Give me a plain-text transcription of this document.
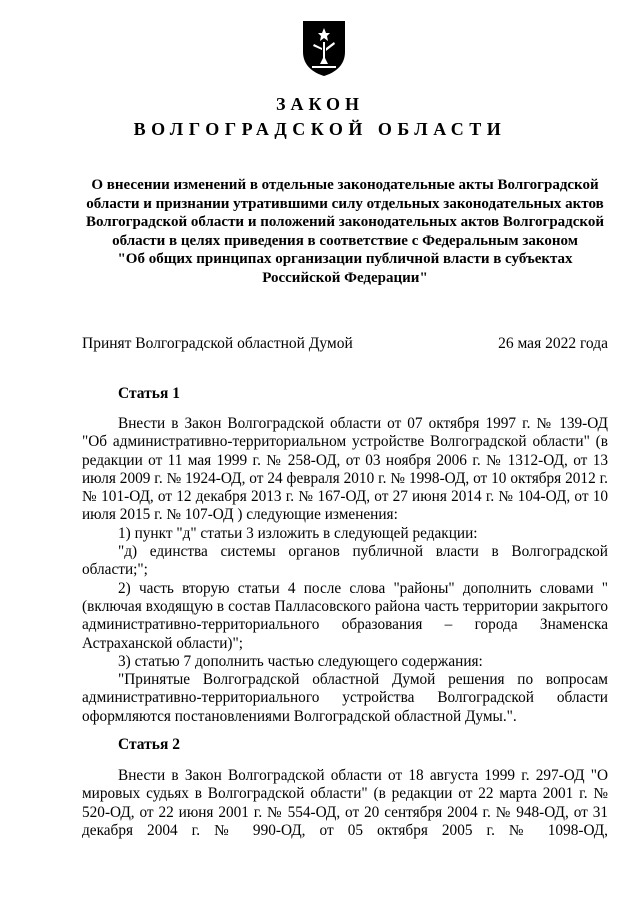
ЗАКОН
ВОЛГОГРАДСКОЙ ОБЛАСТИ
О внесении изменений в отдельные законодательные акты Волгоградской
области и признании утратившими силу отдельных законодательных актов
Волгоградской области и положений законодательных актов Волгоградской
области в целях приведения в соответствие с Федеральным законом
"Об общих принципах организации публичной власти в субъектах
Российской Федерации"
Принят Волгоградской областной Думой	26 мая 2022 года
Статья 1

Внести в Закон Волгоградской области от 07 октября 1997 г. № 139-ОД "Об административно-территориальном устройстве Волгоградской области" (в редакции от 11 мая 1999 г. № 258-ОД, от 03 ноября 2006 г. № 1312-ОД, от 13 июля 2009 г. № 1924-ОД, от 24 февраля 2010 г. № 1998-ОД, от 10 октября 2012 г. № 101-ОД, от 12 декабря 2013 г. № 167-ОД, от 27 июня 2014 г. № 104-ОД, от 10 июля 2015 г. № 107-ОД ) следующие изменения:

1) пункт "д" статьи 3 изложить в следующей редакции:

"д) единства системы органов публичной власти в Волгоградской области;";

2) часть вторую статьи 4 после слова "районы" дополнить словами "(включая входящую в состав Палласовского района часть территории закрытого административно-территориального образования – города Знаменска Астраханской области)";

3) статью 7 дополнить частью следующего содержания:

"Принятые Волгоградской областной Думой решения по вопросам административно-территориального устройства Волгоградской области оформляются постановлениями Волгоградской областной Думы.".

Статья 2

Внести в Закон Волгоградской области от 18 августа 1999 г. 297-ОД "О мировых судьях в Волгоградской области" (в редакции от 22 марта 2001 г. № 520-ОД, от 22 июня 2001 г. № 554-ОД, от 20 сентября 2004 г. № 948-ОД, от 31 декабря 2004 г. № 990-ОД, от 05 октября 2005 г. № 1098-ОД,
